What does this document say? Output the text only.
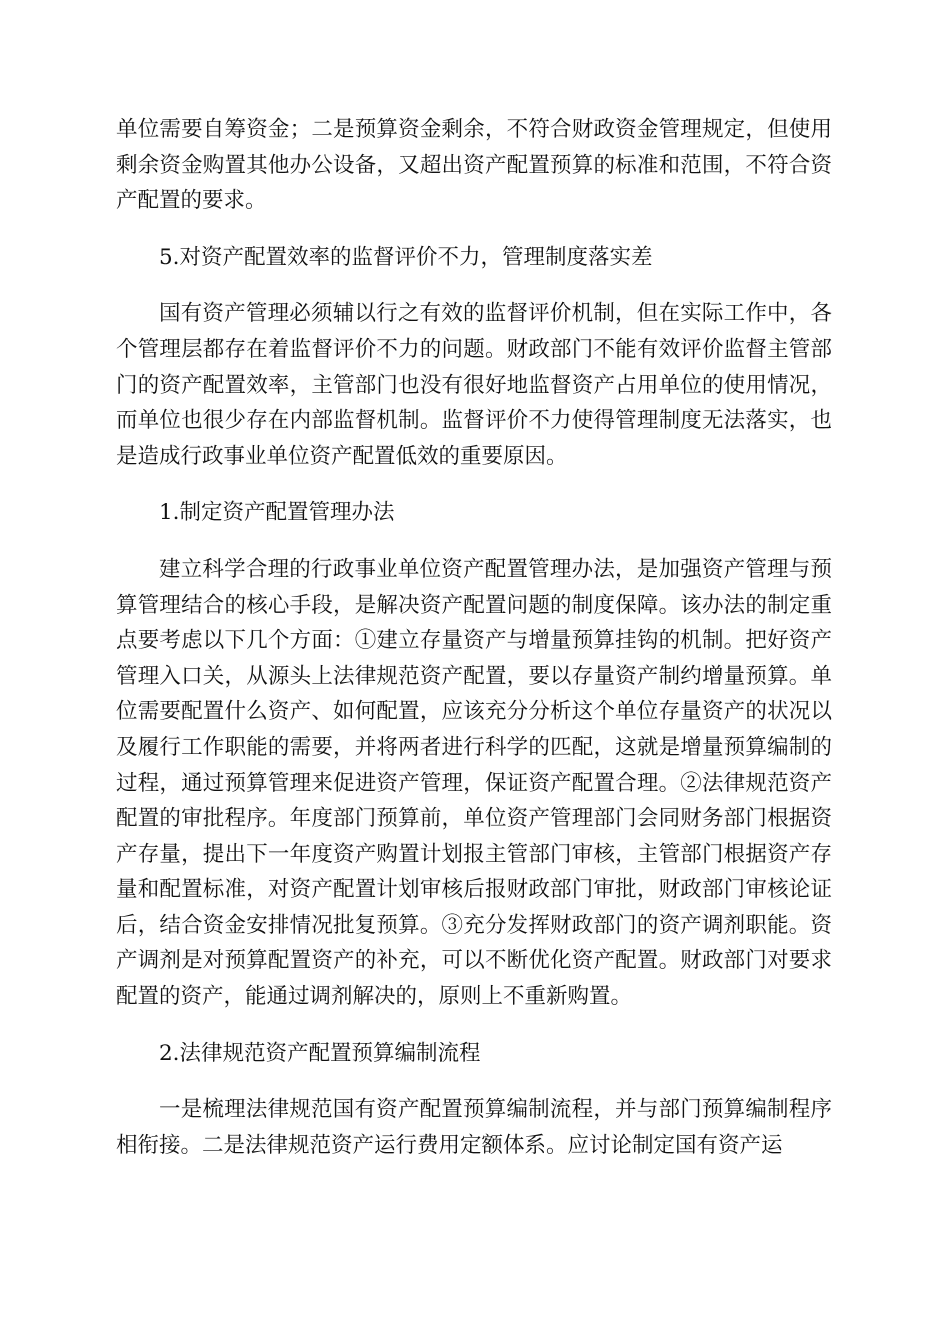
单位需要自筹资金；二是预算资金剩余，不符合财政资金管理规定，但使用剩余资金购置其他办公设备，又超出资产配置预算的标准和范围，不符合资产配置的要求。

5.对资产配置效率的监督评价不力，管理制度落实差

国有资产管理必须辅以行之有效的监督评价机制，但在实际工作中，各个管理层都存在着监督评价不力的问题。财政部门不能有效评价监督主管部门的资产配置效率，主管部门也没有很好地监督资产占用单位的使用情况，而单位也很少存在内部监督机制。监督评价不力使得管理制度无法落实，也是造成行政事业单位资产配置低效的重要原因。

1.制定资产配置管理办法

建立科学合理的行政事业单位资产配置管理办法，是加强资产管理与预算管理结合的核心手段，是解决资产配置问题的制度保障。该办法的制定重点要考虑以下几个方面：①建立存量资产与增量预算挂钩的机制。把好资产管理入口关，从源头上法律规范资产配置，要以存量资产制约增量预算。单位需要配置什么资产、如何配置，应该充分分析这个单位存量资产的状况以及履行工作职能的需要，并将两者进行科学的匹配，这就是增量预算编制的过程，通过预算管理来促进资产管理，保证资产配置合理。②法律规范资产配置的审批程序。年度部门预算前，单位资产管理部门会同财务部门根据资产存量，提出下一年度资产购置计划报主管部门审核，主管部门根据资产存量和配置标准，对资产配置计划审核后报财政部门审批，财政部门审核论证后，结合资金安排情况批复预算。③充分发挥财政部门的资产调剂职能。资产调剂是对预算配置资产的补充，可以不断优化资产配置。财政部门对要求配置的资产，能通过调剂解决的，原则上不重新购置。

2.法律规范资产配置预算编制流程

一是梳理法律规范国有资产配置预算编制流程，并与部门预算编制程序相衔接。二是法律规范资产运行费用定额体系。应讨论制定国有资产运
